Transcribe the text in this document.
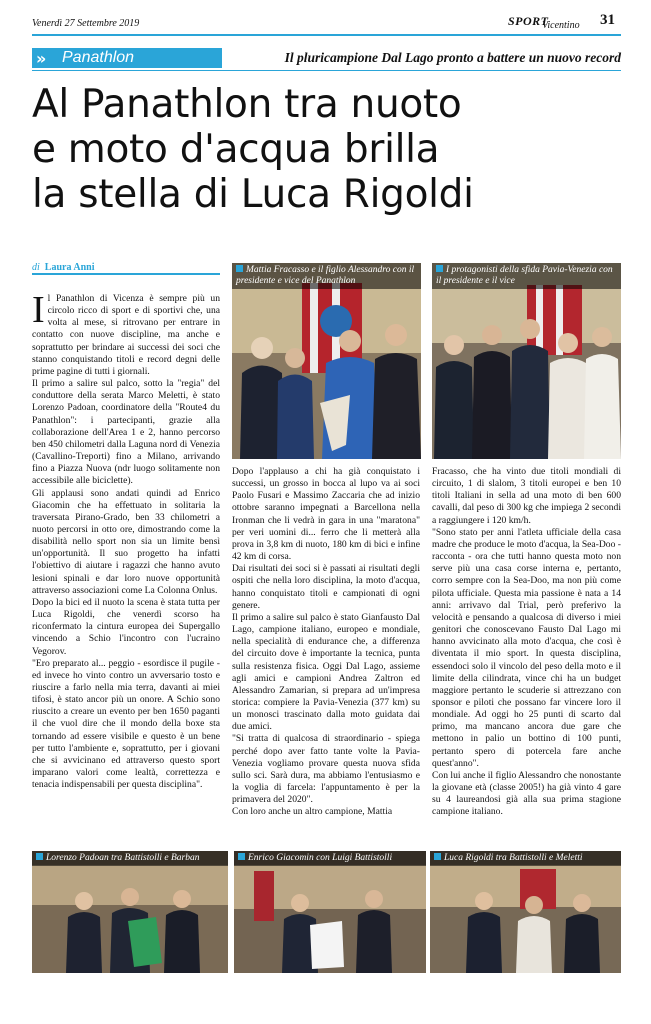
Venerdì 27 Settembre 2019	SPORT
Vicentino 31
» Panathlon	Il pluricampione Dal Lago pronto a battere un nuovo record
Al Panathlon tra nuoto
e moto d'acqua brilla
la stella di Luca Rigoldi
di Laura Anni

Il Panathlon di Vicenza è sempre più un circolo ricco di sport e di sportivi che, una volta al mese, si ritrovano per entrare in contatto con nuove discipline, ma anche e soprattutto per brindare ai successi dei soci che stanno conquistando titoli e record degni delle prime pagine di tutti i giornali.

Il primo a salire sul palco, sotto la "regia" del conduttore della serata Marco Meletti, è stato Lorenzo Padoan, coordinatore della "Route4 du Panathlon": i partecipanti, grazie alla collaborazione dell'Area 1 e 2, hanno percorso ben 450 chilometri dalla Laguna nord di Venezia (Cavallino-Treporti) fino a Milano, arrivando fino a Piazza Nuova (ndr luogo solitamente non accessibile alle biciclette).

Gli applausi sono andati quindi ad Enrico Giacomin che ha effettuato in solitaria la traversata Pirano-Grado, ben 33 chilometri a nuoto percorsi in otto ore, dimostrando come la disabilità nello sport non sia un limite bensì un'opportunità. Il suo progetto ha infatti l'obiettivo di aiutare i ragazzi che hanno avuto lesioni spinali e dar loro nuove opportunità attraverso associazioni come La Colonna Onlus.

Dopo la bici ed il nuoto la scena è stata tutta per Luca Rigoldi, che venerdì scorso ha riconfermato la cintura europea dei Supergallo vincendo a Schio l'incontro con l'ucraino Vegorov.

"Ero preparato al... peggio - esordisce il pugile - ed invece ho vinto contro un avversario tosto e riuscire a farlo nella mia terra, davanti ai miei tifosi, è stato ancor più un onore. A Schio sono riuscito a creare un evento per ben 1650 paganti il che vuol dire che il mondo della boxe sta tornando ad essere visibile e questo è un bene per tutto l'ambiente e, soprattutto, per i giovani che si avvicinano ed attraverso questo sport imparano valori come lealtà, correttezza e tenacia indispensabili per questa disciplina".

Mattia Fracasso e il figlio Alessandro con il presidente e vice del Panathlon
I protagonisti della sfida Pavia-Venezia con il presidente e il vice

Dopo l'applauso a chi ha già conquistato i successi, un grosso in bocca al lupo va ai soci Paolo Fusari e Massimo Zaccaria che ad inizio ottobre saranno impegnati a Barcellona nella Ironman che li vedrà in gara in una "maratona" per veri uomini di... ferro che li metterà alla prova in 3,8 km di nuoto, 180 km di bici e infine 42 km di corsa.

Dai risultati dei soci si è passati ai risultati degli ospiti che nella loro disciplina, la moto d'acqua, hanno conquistato titoli e campionati di ogni genere.

Il primo a salire sul palco è stato Gianfausto Dal Lago, campione italiano, europeo e mondiale, nella specialità di endurance che, a differenza del circuito dove è importante la tecnica, punta sulla resistenza fisica. Oggi Dal Lago, assieme agli amici e campioni Andrea Zaltron ed Alessandro Zamarian, si prepara ad un'impresa storica: compiere la Pavia-Venezia (377 km) su un monosci trascinato dalla moto guidata dai due amici.

"Si tratta di qualcosa di straordinario - spiega perché dopo aver fatto tante volte la Pavia-Venezia vogliamo provare questa nuova sfida sullo sci. Sarà dura, ma abbiamo l'entusiasmo e la voglia di farcela: l'appuntamento è per la primavera del 2020".

Con loro anche un altro campione, Mattia

Fracasso, che ha vinto due titoli mondiali di circuito, 1 di slalom, 3 titoli europei e ben 10 titoli Italiani in sella ad una moto di ben 600 cavalli, dal peso di 300 kg che impiega 2 secondi a raggiungere i 120 km/h.

"Sono stato per anni l'atleta ufficiale della casa madre che produce le moto d'acqua, la Sea-Doo - racconta - ora che tutti hanno questa moto non serve più una casa corse interna e, pertanto, corro sempre con la Sea-Doo, ma non più come pilota ufficiale. Questa mia passione è nata a 14 anni: arrivavo dal Trial, però preferivo la velocità e pensando a qualcosa di diverso i miei genitori che conoscevano Fausto Dal Lago mi hanno avvicinato alla moto d'acqua, che così è diventata il mio sport. In questa disciplina, essendoci solo il vincolo del peso della moto e il limite della cilindrata, vince chi ha un budget maggiore pertanto le scuderie si attrezzano con sponsor e piloti che possano far vincere loro il mondiale. Ad oggi ho 25 punti di scarto dal primo, ma mancano ancora due gare che mettono in palio un bottino di 100 punti, pertanto spero di potercela fare anche quest'anno".

Con lui anche il figlio Alessandro che nonostante la giovane età (classe 2005!) ha già vinto 4 gare su 4 laureandosi già alla sua prima stagione campione italiano.

Lorenzo Padoan tra Battistolli e Barban	Enrico Giacomin con Luigi Battistolli	Luca Rigoldi tra Battistolli e Meletti
